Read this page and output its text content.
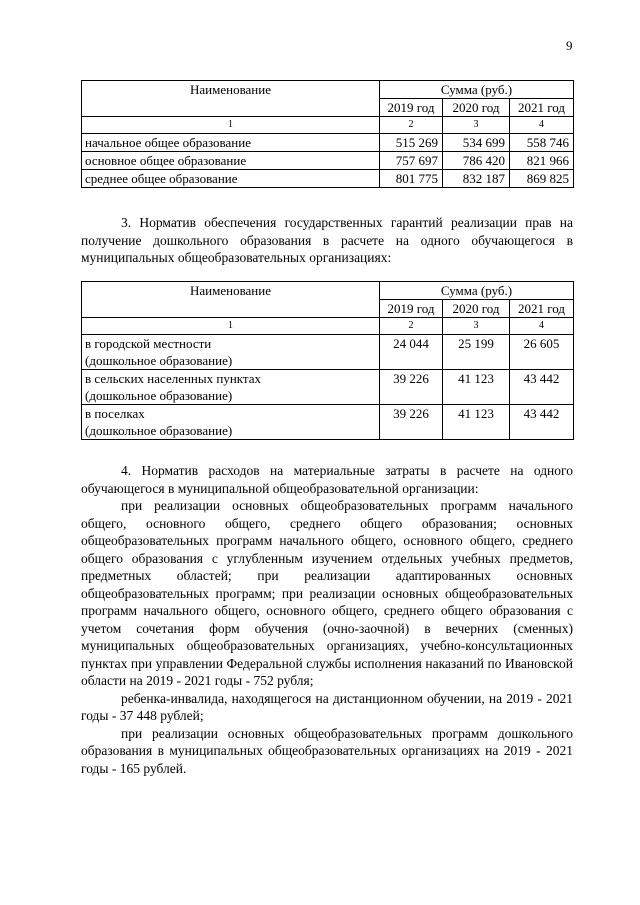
9
Наименование	Сумма (руб.)		
	2019 год	2020 год	2021 год
1	2	3	4
начальное общее образование	515 269	534 699	558 746
основное общее образование	757 697	786 420	821 966
среднее общее образование	801 775	832 187	869 825

3. Норматив обеспечения государственных гарантий реализации прав на получение дошкольного образования в расчете на одного обучающегося в муниципальных общеобразовательных организациях:

Наименование	Сумма (руб.)		
	2019 год	2020 год	2021 год
1	2	3	4

в городской местности
(дошкольное образование)	24 044	25 199	26 605

в сельских населенных пунктах
(дошкольное образование)	39 226	41 123	43 442

в поселках
(дошкольное образование)	39 226	41 123	43 442

4. Норматив расходов на материальные затраты в расчете на одного обучающегося в муниципальной общеобразовательной организации:

при реализации основных общеобразовательных программ начального общего, основного общего, среднего общего образования; основных общеобразовательных программ начального общего, основного общего, среднего общего образования с углубленным изучением отдельных учебных предметов, предметных областей; при реализации адаптированных основных общеобразовательных программ; при реализации основных общеобразовательных программ начального общего, основного общего, среднего общего образования с учетом сочетания форм обучения (очно-заочной) в вечерних (сменных) муниципальных общеобразовательных организациях, учебно-консультационных пунктах при управлении Федеральной службы исполнения наказаний по Ивановской области на 2019 - 2021 годы - 752 рубля;

ребенка-инвалида, находящегося на дистанционном обучении, на 2019 - 2021 годы - 37 448 рублей;

при реализации основных общеобразовательных программ дошкольного образования в муниципальных общеобразовательных организациях на 2019 - 2021 годы - 165 рублей.
